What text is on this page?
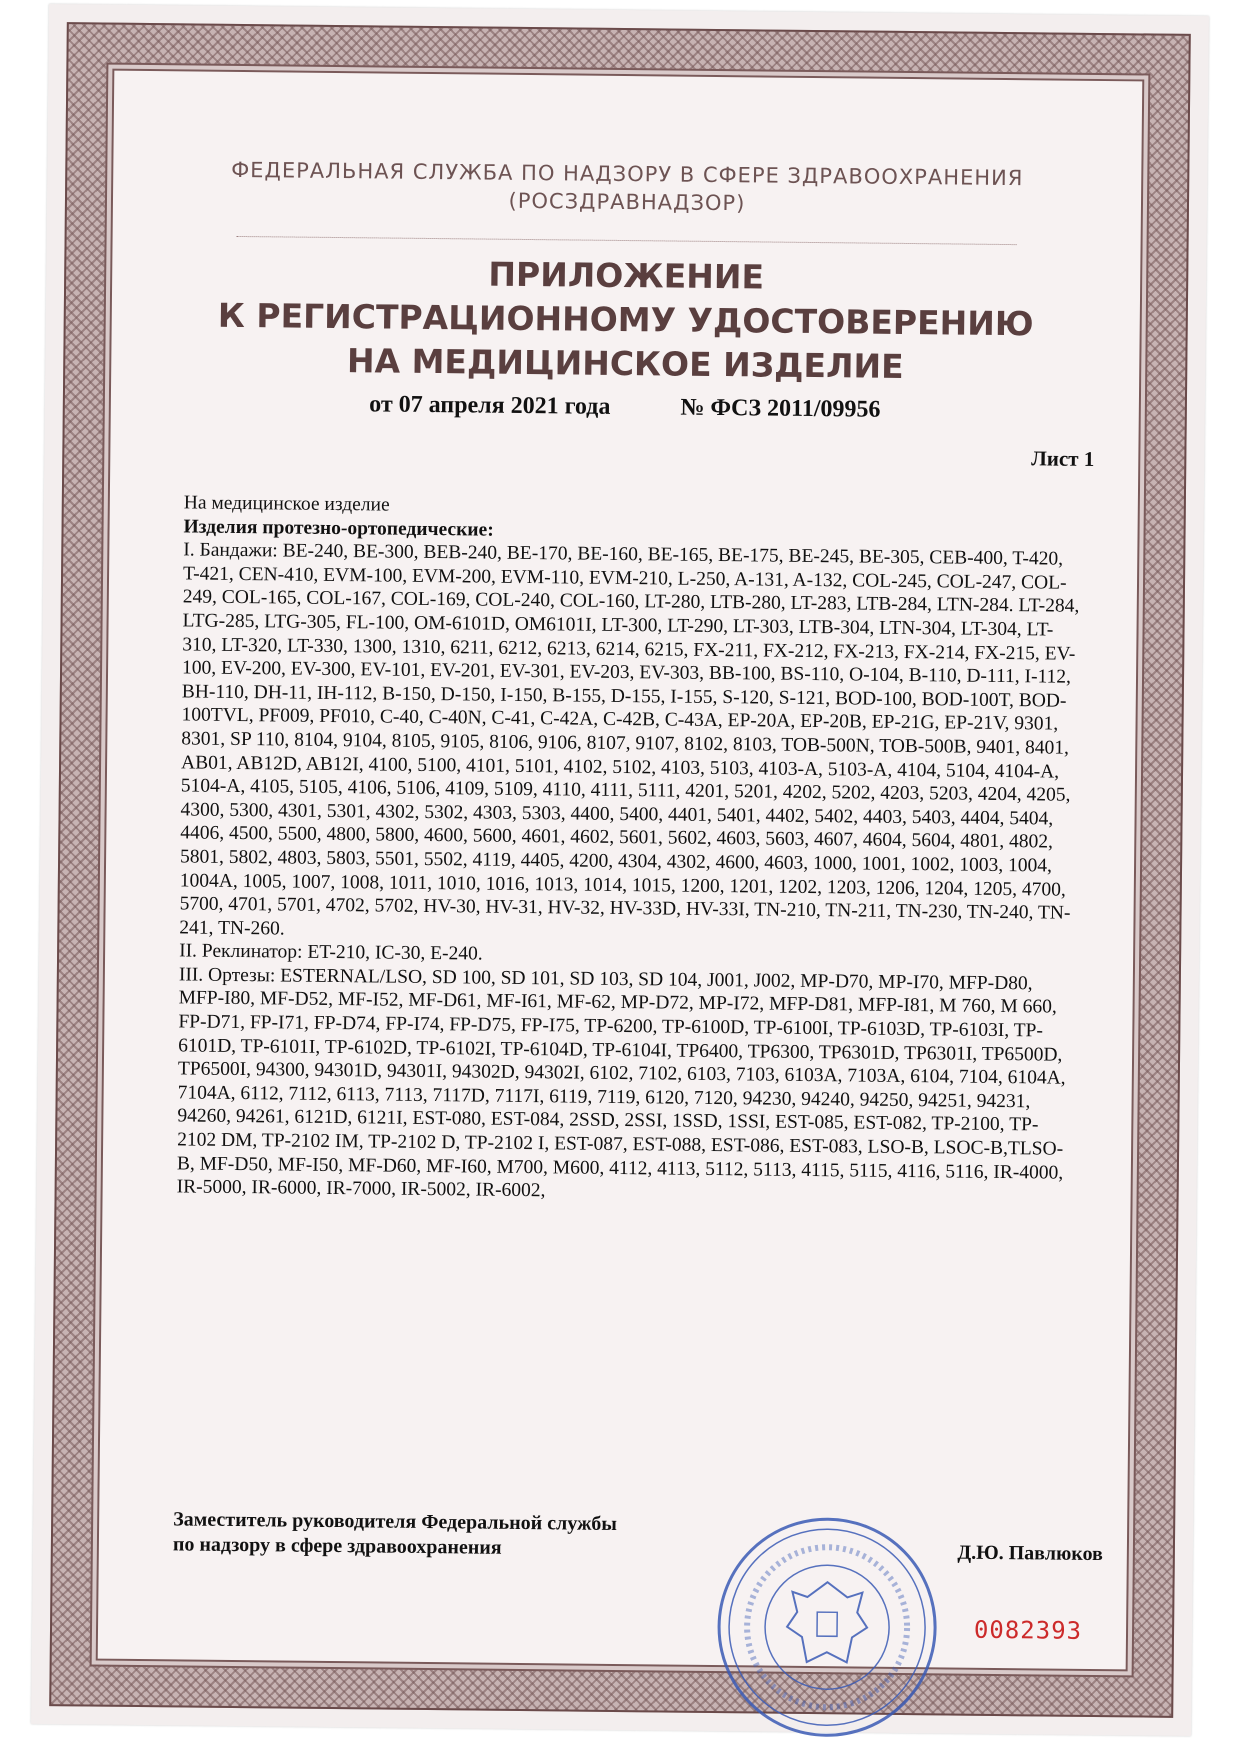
ФЕДЕРАЛЬНАЯ СЛУЖБА ПО НАДЗОРУ В СФЕРЕ ЗДРАВООХРАНЕНИЯ
(РОСЗДРАВНАДЗОР)
ПРИЛОЖЕНИЕ
К РЕГИСТРАЦИОННОМУ УДОСТОВЕРЕНИЮ
НА МЕДИЦИНСКОЕ ИЗДЕЛИЕ
от 07 апреля 2021 года	№ ФСЗ 2011/09956
Лист 1

На медицинское изделие

Изделия протезно-ортопедические:

I. Бандажи: BE-240, BE-300, BEB-240, BE-170, BE-160, BE-165, BE-175, BE-245, BE-305, CEB-400, T-420, T-421, CEN-410, EVM-100, EVM-200, EVM-110, EVM-210, L-250, A-131, A-132, COL-245, COL-247, COL-249, COL-165, COL-167, COL-169, COL-240, COL-160, LT-280, LTB-280, LT-283, LTB-284, LTN-284. LT-284, LTG-285, LTG-305, FL-100, OM-6101D, OM6101I, LT-300, LT-290, LT-303, LTB-304, LTN-304, LT-304, LT-310, LT-320, LT-330, 1300, 1310, 6211, 6212, 6213, 6214, 6215, FX-211, FX-212, FX-213, FX-214, FX-215, EV-100, EV-200, EV-300, EV-101, EV-201, EV-301, EV-203, EV-303, BB-100, BS-110, O-104, B-110, D-111, I-112, BH-110, DH-11, IH-112, B-150, D-150, I-150, B-155, D-155, I-155, S-120, S-121, BOD-100, BOD-100T, BOD-100TVL, PF009, PF010, C-40, C-40N, C-41, C-42A, C-42B, C-43A, EP-20A, EP-20B, EP-21G, EP-21V, 9301, 8301, SP 110, 8104, 9104, 8105, 9105, 8106, 9106, 8107, 9107, 8102, 8103, TOB-500N, TOB-500B, 9401, 8401, AB01, AB12D, AB12I, 4100, 5100, 4101, 5101, 4102, 5102, 4103, 5103, 4103-A, 5103-A, 4104, 5104, 4104-A, 5104-A, 4105, 5105, 4106, 5106, 4109, 5109, 4110, 4111, 5111, 4201, 5201, 4202, 5202, 4203, 5203, 4204, 4205, 4300, 5300, 4301, 5301, 4302, 5302, 4303, 5303, 4400, 5400, 4401, 5401, 4402, 5402, 4403, 5403, 4404, 5404, 4406, 4500, 5500, 4800, 5800, 4600, 5600, 4601, 4602, 5601, 5602, 4603, 5603, 4607, 4604, 5604, 4801, 4802, 5801, 5802, 4803, 5803, 5501, 5502, 4119, 4405, 4200, 4304, 4302, 4600, 4603, 1000, 1001, 1002, 1003, 1004, 1004A, 1005, 1007, 1008, 1011, 1010, 1016, 1013, 1014, 1015, 1200, 1201, 1202, 1203, 1206, 1204, 1205, 4700, 5700, 4701, 5701, 4702, 5702, HV-30, HV-31, HV-32, HV-33D, HV-33I, TN-210, TN-211, TN-230, TN-240, TN-241, TN-260.

II. Реклинатор: ET-210, IC-30, E-240.

III. Ортезы: ESTERNAL/LSO, SD 100, SD 101, SD 103, SD 104, J001, J002, MP-D70, MP-I70, MFP-D80, MFP-I80, MF-D52, MF-I52, MF-D61, MF-I61, MF-62, MP-D72, MP-I72, MFP-D81, MFP-I81, M 760, M 660, FP-D71, FP-I71, FP-D74, FP-I74, FP-D75, FP-I75, TP-6200, TP-6100D, TP-6100I, TP-6103D, TP-6103I, TP-6101D, TP-6101I, TP-6102D, TP-6102I, TP-6104D, TP-6104I, TP6400, TP6300, TP6301D, TP6301I, TP6500D, TP6500I, 94300, 94301D, 94301I, 94302D, 94302I, 6102, 7102, 6103, 7103, 6103A, 7103A, 6104, 7104, 6104A, 7104A, 6112, 7112, 6113, 7113, 7117D, 7117I, 6119, 7119, 6120, 7120, 94230, 94240, 94250, 94251, 94231, 94260, 94261, 6121D, 6121I, EST-080, EST-084, 2SSD, 2SSI, 1SSD, 1SSI, EST-085, EST-082, TP-2100, TP-2102 DM, TP-2102 IM, TP-2102 D, TP-2102 I, EST-087, EST-088, EST-086, EST-083, LSO-B, LSOC-B,TLSO-B, MF-D50, MF-I50, MF-D60, MF-I60, M700, M600, 4112, 4113, 5112, 5113, 4115, 5115, 4116, 5116, IR-4000, IR-5000, IR-6000, IR-7000, IR-5002, IR-6002,

Заместитель руководителя Федеральной службы
по надзору в сфере здравоохранения	Д.Ю. Павлюков
0082393
